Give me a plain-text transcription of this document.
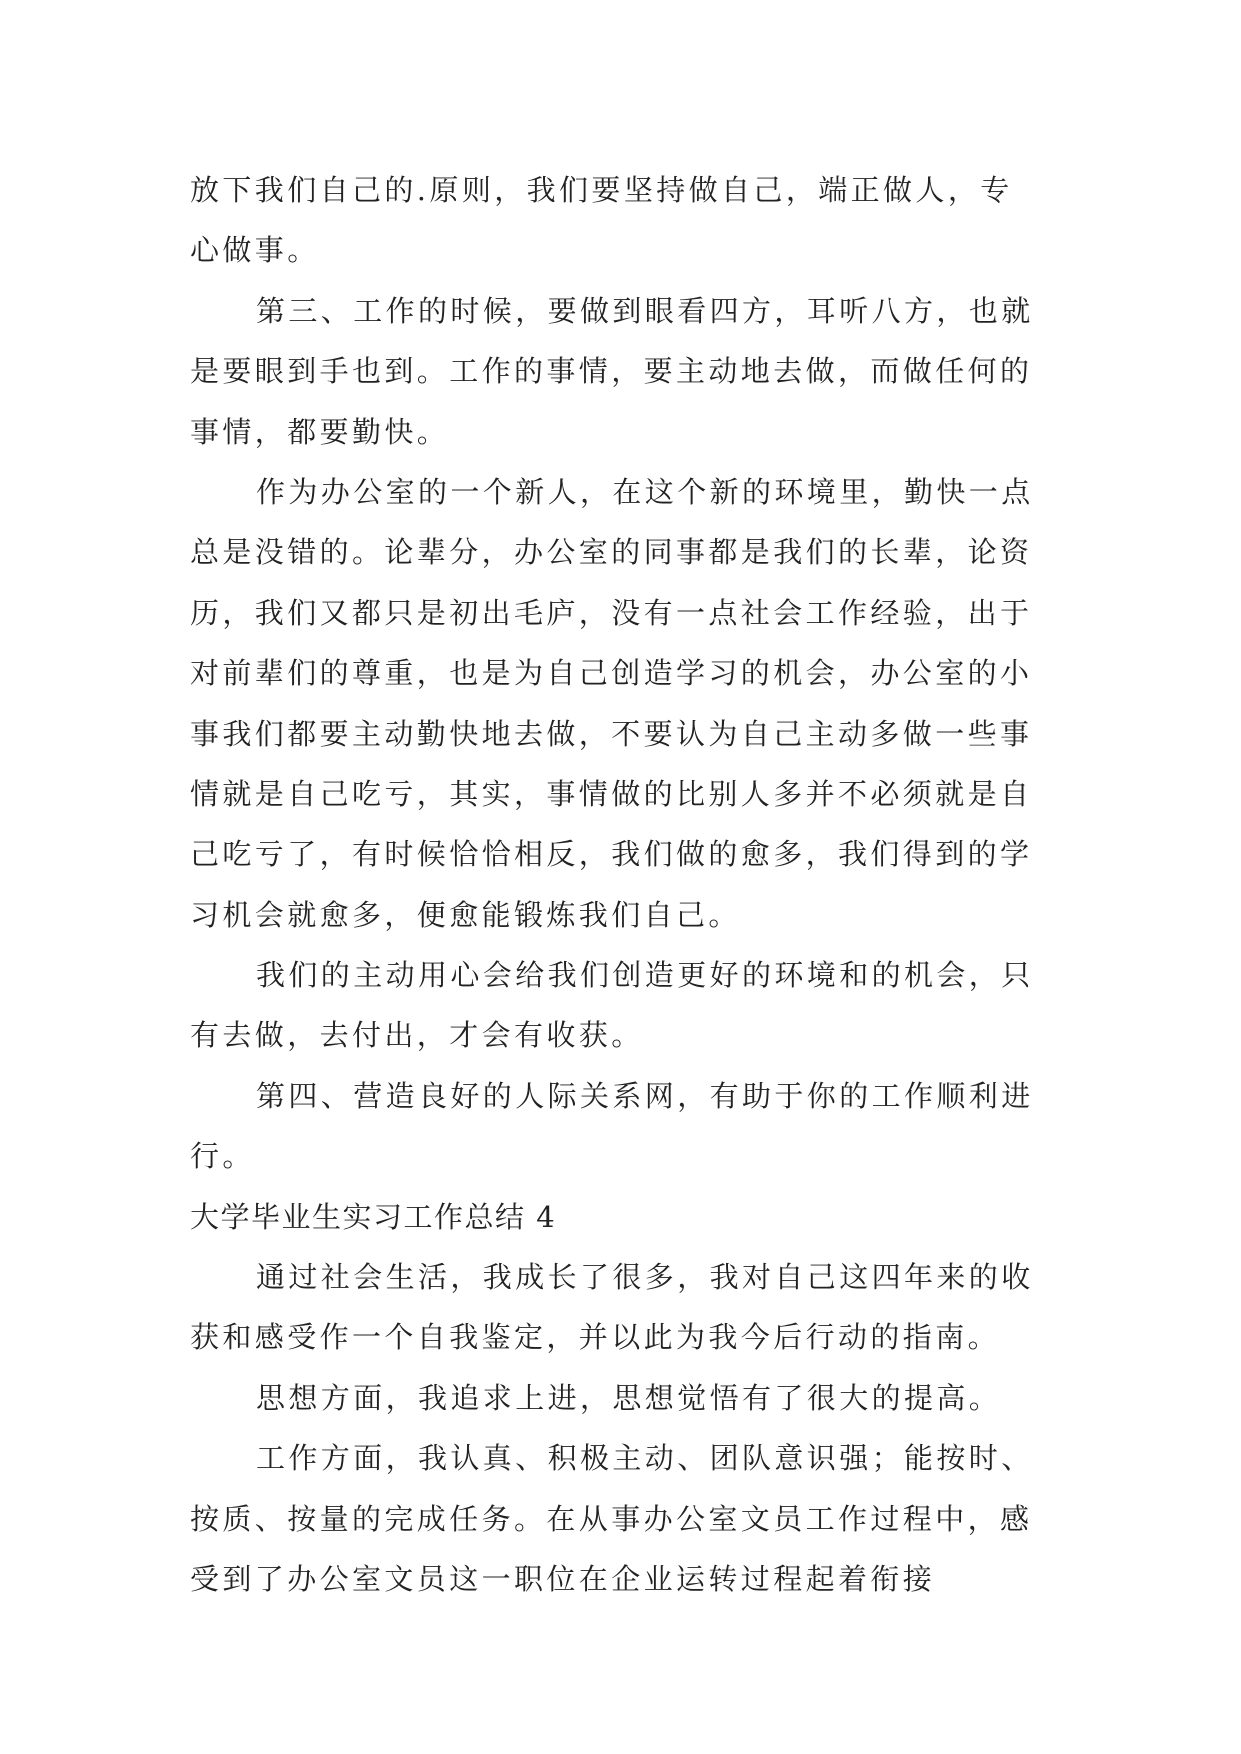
放下我们自己的.原则，我们要坚持做自己，端正做人，专
心做事。
第三、工作的时候，要做到眼看四方，耳听八方，也就
是要眼到手也到。工作的事情，要主动地去做，而做任何的
事情，都要勤快。
作为办公室的一个新人，在这个新的环境里，勤快一点
总是没错的。论辈分，办公室的同事都是我们的长辈，论资
历，我们又都只是初出毛庐，没有一点社会工作经验，出于
对前辈们的尊重，也是为自己创造学习的机会，办公室的小
事我们都要主动勤快地去做，不要认为自己主动多做一些事
情就是自己吃亏，其实，事情做的比别人多并不必须就是自
己吃亏了，有时候恰恰相反，我们做的愈多，我们得到的学
习机会就愈多，便愈能锻炼我们自己。
我们的主动用心会给我们创造更好的环境和的机会，只
有去做，去付出，才会有收获。
第四、营造良好的人际关系网，有助于你的工作顺利进
行。
大学毕业生实习工作总结 4
通过社会生活，我成长了很多，我对自己这四年来的收
获和感受作一个自我鉴定，并以此为我今后行动的指南。
思想方面，我追求上进，思想觉悟有了很大的提高。
工作方面，我认真、积极主动、团队意识强；能按时、
按质、按量的完成任务。在从事办公室文员工作过程中，感
受到了办公室文员这一职位在企业运转过程起着衔接
